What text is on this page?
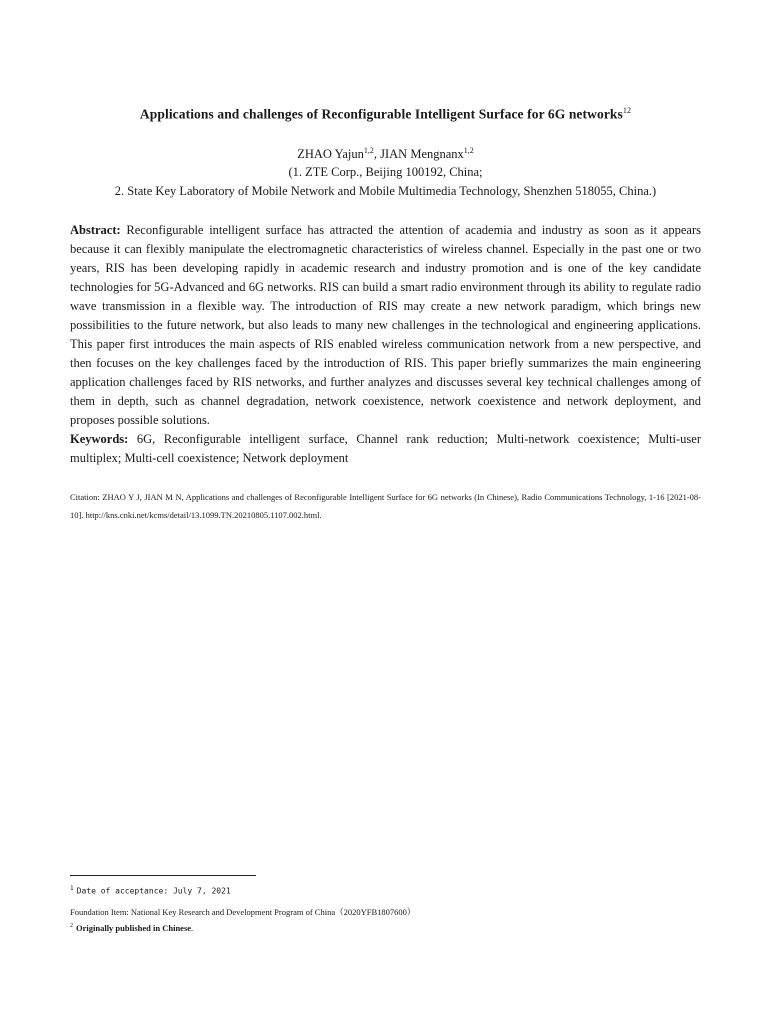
Applications and challenges of Reconfigurable Intelligent Surface for 6G networks$^{12}$
ZHAO Yajun$^{1,2}$, JIAN Mengnanx$^{1,2}$
(1. ZTE Corp., Beijing 100192, China;
2. State Key Laboratory of Mobile Network and Mobile Multimedia Technology, Shenzhen 518055, China.)
Abstract: Reconfigurable intelligent surface has attracted the attention of academia and industry as soon as it appears because it can flexibly manipulate the electromagnetic characteristics of wireless channel. Especially in the past one or two years, RIS has been developing rapidly in academic research and industry promotion and is one of the key candidate technologies for 5G-Advanced and 6G networks. RIS can build a smart radio environment through its ability to regulate radio wave transmission in a flexible way. The introduction of RIS may create a new network paradigm, which brings new possibilities to the future network, but also leads to many new challenges in the technological and engineering applications. This paper first introduces the main aspects of RIS enabled wireless communication network from a new perspective, and then focuses on the key challenges faced by the introduction of RIS. This paper briefly summarizes the main engineering application challenges faced by RIS networks, and further analyzes and discusses several key technical challenges among of them in depth, such as channel degradation, network coexistence, network coexistence and network deployment, and proposes possible solutions.
Keywords: 6G, Reconfigurable intelligent surface, Channel rank reduction; Multi-network coexistence; Multi-user multiplex; Multi-cell coexistence; Network deployment
Citation: ZHAO Y J, JIAN M N, Applications and challenges of Reconfigurable Intelligent Surface for 6G networks (In Chinese), Radio Communications Technology, 1-16 [2021-08-10]. http://kns.cnki.net/kcms/detail/13.1099.TN.20210805.1107.002.html.
$^1$ Date of acceptance: July 7, 2021
Foundation Item: National Key Research and Development Program of China（2020YFB1807600）
$^2$ Originally published in Chinese.
